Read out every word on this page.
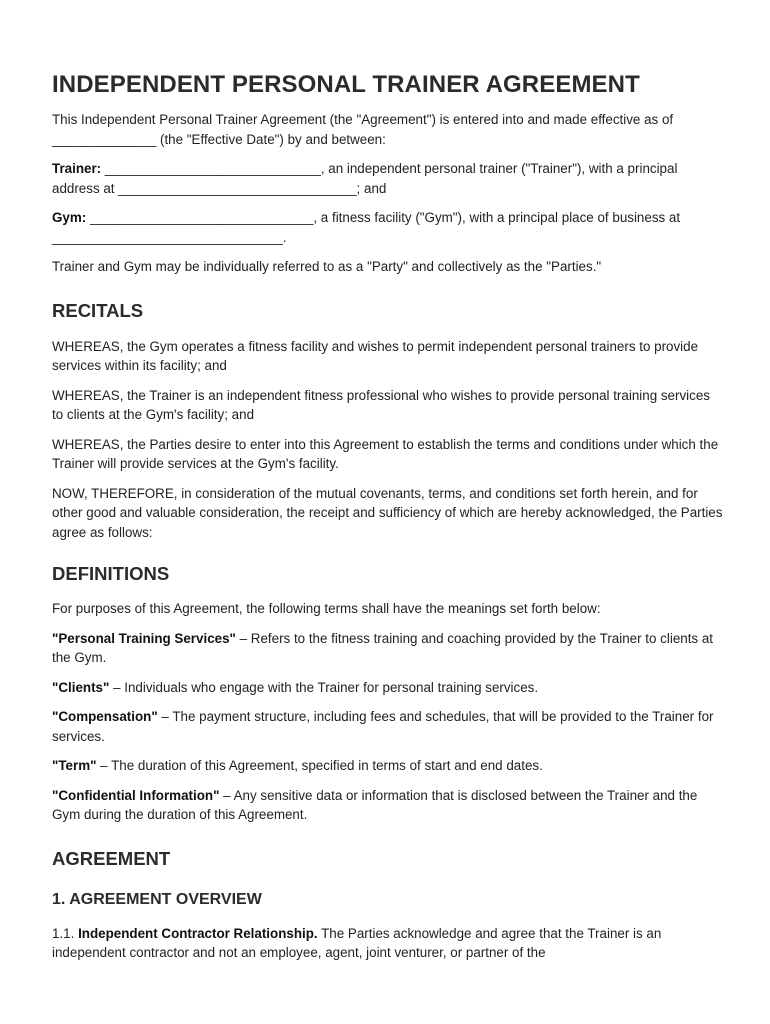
INDEPENDENT PERSONAL TRAINER AGREEMENT

This Independent Personal Trainer Agreement (the "Agreement") is entered into and made effective as of ______________ (the "Effective Date") by and between:

Trainer: _____________________________, an independent personal trainer ("Trainer"), with a principal address at ________________________________; and

Gym: ______________________________, a fitness facility ("Gym"), with a principal place of business at _______________________________.

Trainer and Gym may be individually referred to as a "Party" and collectively as the "Parties."

RECITALS

WHEREAS, the Gym operates a fitness facility and wishes to permit independent personal trainers to provide services within its facility; and

WHEREAS, the Trainer is an independent fitness professional who wishes to provide personal training services to clients at the Gym's facility; and

WHEREAS, the Parties desire to enter into this Agreement to establish the terms and conditions under which the Trainer will provide services at the Gym's facility.

NOW, THEREFORE, in consideration of the mutual covenants, terms, and conditions set forth herein, and for other good and valuable consideration, the receipt and sufficiency of which are hereby acknowledged, the Parties agree as follows:

DEFINITIONS

For purposes of this Agreement, the following terms shall have the meanings set forth below:

"Personal Training Services" – Refers to the fitness training and coaching provided by the Trainer to clients at the Gym.

"Clients" – Individuals who engage with the Trainer for personal training services.

"Compensation" – The payment structure, including fees and schedules, that will be provided to the Trainer for services.

"Term" – The duration of this Agreement, specified in terms of start and end dates.

"Confidential Information" – Any sensitive data or information that is disclosed between the Trainer and the Gym during the duration of this Agreement.

AGREEMENT
1. AGREEMENT OVERVIEW

1.1. Independent Contractor Relationship. The Parties acknowledge and agree that the Trainer is an independent contractor and not an employee, agent, joint venturer, or partner of the
